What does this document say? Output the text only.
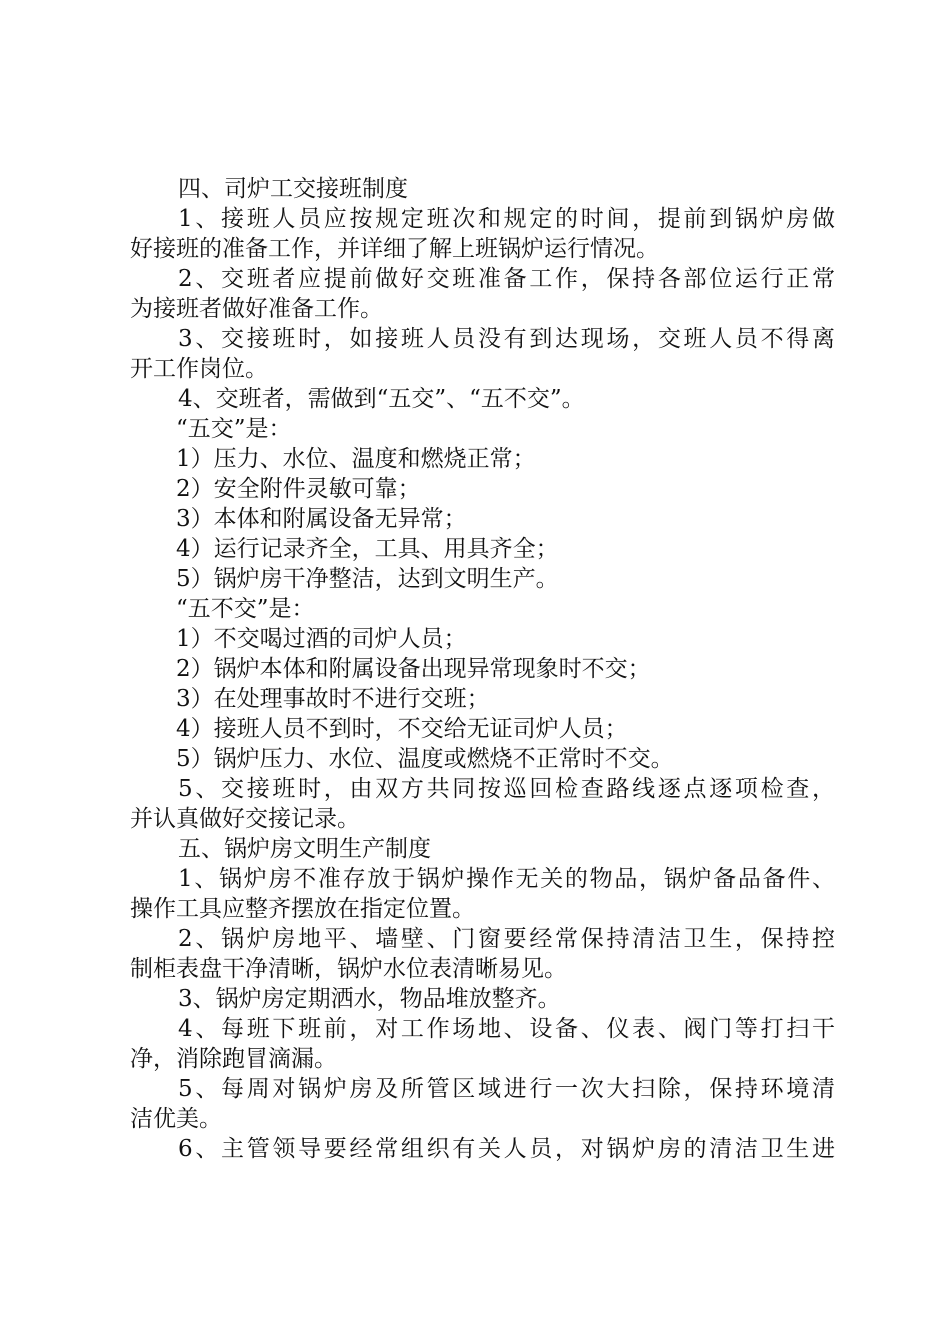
四、司炉工交接班制度
1、接班人员应按规定班次和规定的时间，提前到锅炉房做
好接班的准备工作，并详细了解上班锅炉运行情况。
2、交班者应提前做好交班准备工作，保持各部位运行正常
为接班者做好准备工作。
3、交接班时，如接班人员没有到达现场，交班人员不得离
开工作岗位。
4、交班者，需做到“五交”、“五不交”。
“五交”是：
1）压力、水位、温度和燃烧正常；
2）安全附件灵敏可靠；
3）本体和附属设备无异常；
4）运行记录齐全，工具、用具齐全；
5）锅炉房干净整洁，达到文明生产。
“五不交”是：
1）不交喝过酒的司炉人员；
2）锅炉本体和附属设备出现异常现象时不交；
3）在处理事故时不进行交班；
4）接班人员不到时，不交给无证司炉人员；
5）锅炉压力、水位、温度或燃烧不正常时不交。
5、交接班时，由双方共同按巡回检查路线逐点逐项检查，
并认真做好交接记录。
五、锅炉房文明生产制度
1、锅炉房不准存放于锅炉操作无关的物品，锅炉备品备件、
操作工具应整齐摆放在指定位置。
2、锅炉房地平、墙壁、门窗要经常保持清洁卫生，保持控
制柜表盘干净清晰，锅炉水位表清晰易见。
3、锅炉房定期洒水，物品堆放整齐。
4、每班下班前，对工作场地、设备、仪表、阀门等打扫干
净，消除跑冒滴漏。
5、每周对锅炉房及所管区域进行一次大扫除，保持环境清
洁优美。
6、主管领导要经常组织有关人员，对锅炉房的清洁卫生进
